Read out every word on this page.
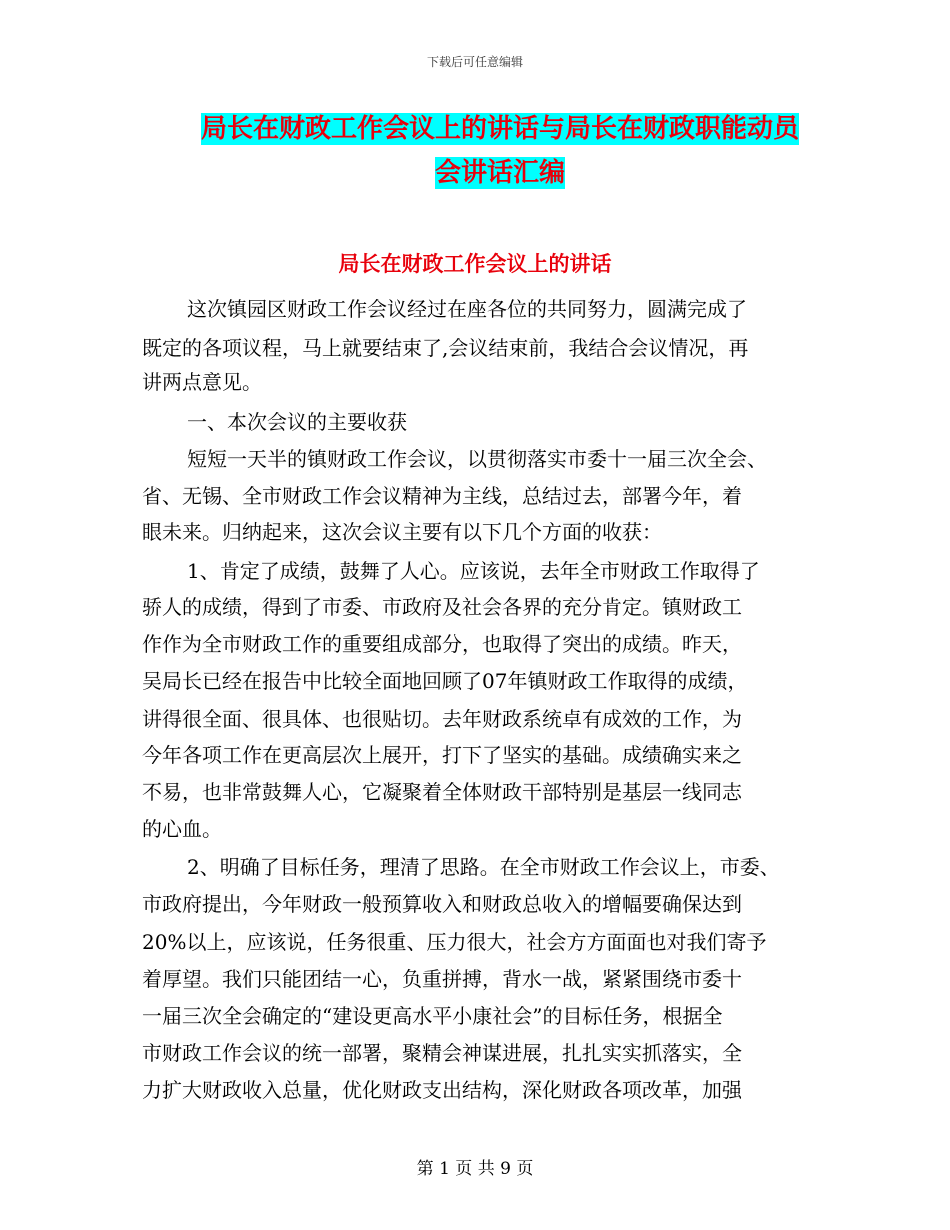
下载后可任意编辑
局长在财政工作会议上的讲话与局长在财政职能动员
会讲话汇编
局长在财政工作会议上的讲话
这次镇园区财政工作会议经过在座各位的共同努力，圆满完成了
既定的各项议程，马上就要结束了,会议结束前，我结合会议情况，再
讲两点意见。
一、本次会议的主要收获
短短一天半的镇财政工作会议，以贯彻落实市委十一届三次全会、
省、无锡、全市财政工作会议精神为主线，总结过去，部署今年，着
眼未来。归纳起来，这次会议主要有以下几个方面的收获：
1、肯定了成绩，鼓舞了人心。应该说，去年全市财政工作取得了
骄人的成绩，得到了市委、市政府及社会各界的充分肯定。镇财政工
作作为全市财政工作的重要组成部分，也取得了突出的成绩。昨天，
吴局长已经在报告中比较全面地回顾了07年镇财政工作取得的成绩，
讲得很全面、很具体、也很贴切。去年财政系统卓有成效的工作，为
今年各项工作在更高层次上展开，打下了坚实的基础。成绩确实来之
不易，也非常鼓舞人心，它凝聚着全体财政干部特别是基层一线同志
的心血。
2、明确了目标任务，理清了思路。在全市财政工作会议上，市委、
市政府提出，今年财政一般预算收入和财政总收入的增幅要确保达到
20%以上，应该说，任务很重、压力很大，社会方方面面也对我们寄予
着厚望。我们只能团结一心，负重拼搏，背水一战，紧紧围绕市委十
一届三次全会确定的“建设更高水平小康社会”的目标任务，根据全
市财政工作会议的统一部署，聚精会神谋进展，扎扎实实抓落实，全
力扩大财政收入总量，优化财政支出结构，深化财政各项改革，加强
第 1 页 共 9 页
